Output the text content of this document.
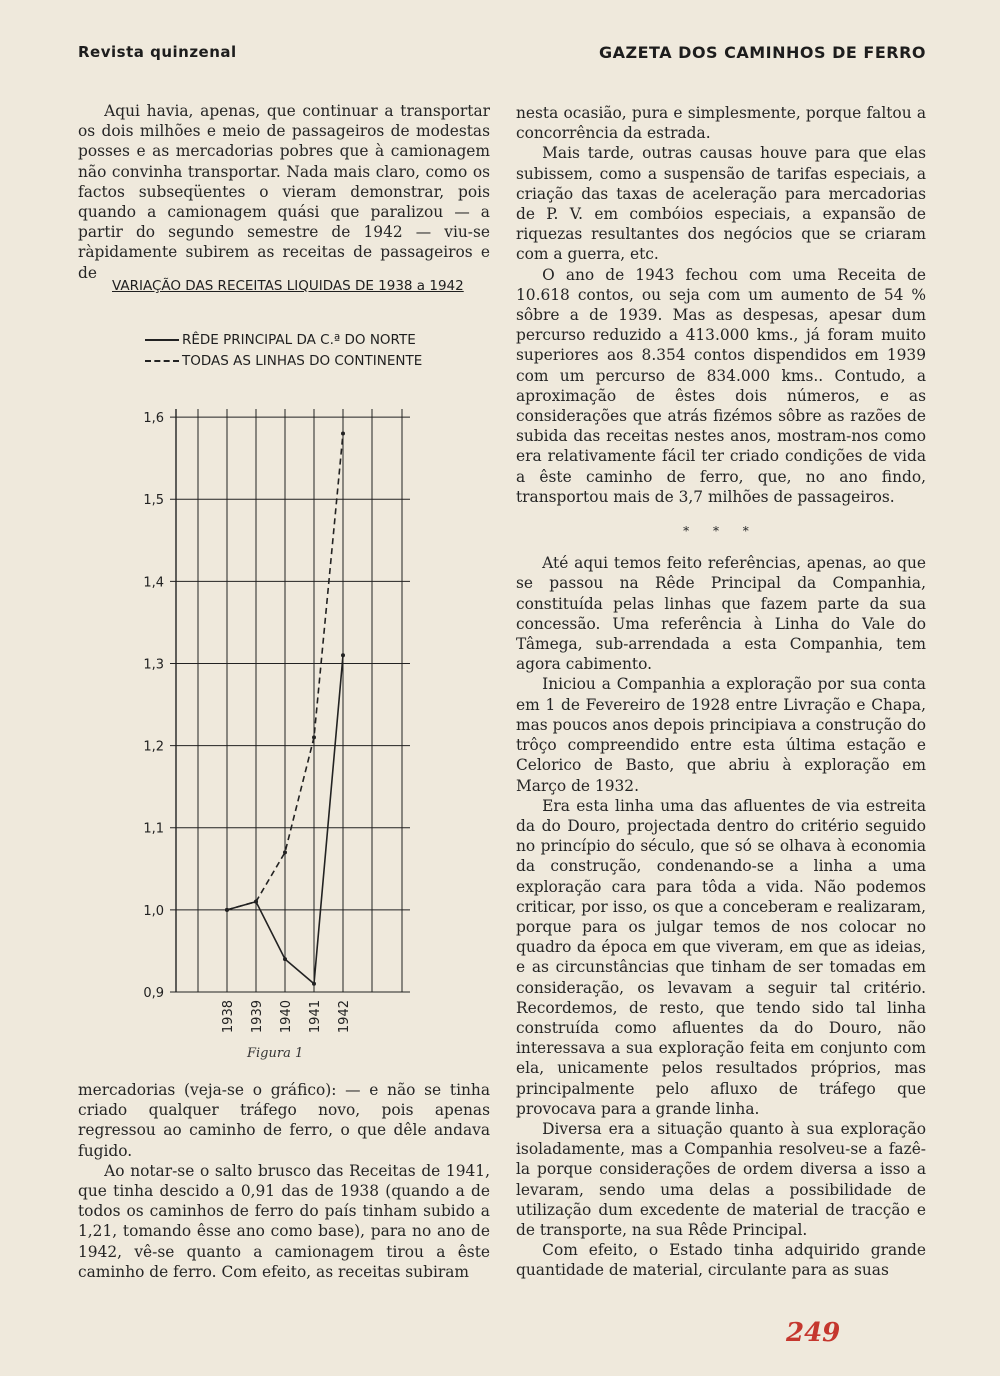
Revista quinzenal	GAZETA DOS CAMINHOS DE FERRO

Aqui havia, apenas, que continuar a transportar os dois milhões e meio de passageiros de modestas posses e as mercadorias pobres que à camionagem não convinha transportar. Nada mais claro, como os factos subseqüentes o vieram demonstrar, pois quando a camionagem quási que paralizou — a partir do segundo semestre de 1942 — viu-se ràpidamente subirem as receitas de passageiros e de

VARIAÇÃO DAS RECEITAS LIQUIDAS DE 1938 a 1942
RÊDE PRINCIPAL DA C.ª DO NORTE
TODAS AS LINHAS DO CONTINENTE
0,9
1,0
1,1
1,2
1,3
1,4
1,5
1,6
1938 1939 1940 1941 1942
Figura 1

mercadorias (veja-se o gráfico): — e não se tinha criado qualquer tráfego novo, pois apenas regressou ao caminho de ferro, o que dêle andava fugido.

Ao notar-se o salto brusco das Receitas de 1941, que tinha descido a 0,91 das de 1938 (quando a de todos os caminhos de ferro do país tinham subido a 1,21, tomando êsse ano como base), para no ano de 1942, vê-se quanto a camionagem tirou a êste caminho de ferro. Com efeito, as receitas subiram

nesta ocasião, pura e simplesmente, porque faltou a concorrência da estrada.

Mais tarde, outras causas houve para que elas subissem, como a suspensão de tarifas especiais, a criação das taxas de aceleração para mercadorias de P. V. em combóios especiais, a expansão de riquezas resultantes dos negócios que se criaram com a guerra, etc.

O ano de 1943 fechou com uma Receita de 10.618 contos, ou seja com um aumento de 54 % sôbre a de 1939. Mas as despesas, apesar dum percurso reduzido a 413.000 kms., já foram muito superiores aos 8.354 contos dispendidos em 1939 com um percurso de 834.000 kms.. Contudo, a aproximação de êstes dois números, e as considerações que atrás fizémos sôbre as razões de subida das receitas nestes anos, mostram-nos como era relativamente fácil ter criado condições de vida a êste caminho de ferro, que, no ano findo, transportou mais de 3,7 milhões de passageiros.

* * *

Até aqui temos feito referências, apenas, ao que se passou na Rêde Principal da Companhia, constituída pelas linhas que fazem parte da sua concessão. Uma referência à Linha do Vale do Tâmega, sub-arrendada a esta Companhia, tem agora cabimento.

Iniciou a Companhia a exploração por sua conta em 1 de Fevereiro de 1928 entre Livração e Chapa, mas poucos anos depois principiava a construção do trôço compreendido entre esta última estação e Celorico de Basto, que abriu à exploração em Março de 1932.

Era esta linha uma das afluentes de via estreita da do Douro, projectada dentro do critério seguido no princípio do século, que só se olhava à economia da construção, condenando-se a linha a uma exploração cara para tôda a vida. Não podemos criticar, por isso, os que a conceberam e realizaram, porque para os julgar temos de nos colocar no quadro da época em que viveram, em que as ideias, e as circunstâncias que tinham de ser tomadas em consideração, os levavam a seguir tal critério. Recordemos, de resto, que tendo sido tal linha construída como afluentes da do Douro, não interessava a sua exploração feita em conjunto com ela, unicamente pelos resultados próprios, mas principalmente pelo afluxo de tráfego que provocava para a grande linha.

Diversa era a situação quanto à sua exploração isoladamente, mas a Companhia resolveu-se a fazê-la porque considerações de ordem diversa a isso a levaram, sendo uma delas a possibilidade de utilização dum excedente de material de tracção e de transporte, na sua Rêde Principal.

Com efeito, o Estado tinha adquirido grande quantidade de material, circulante para as suas

249
